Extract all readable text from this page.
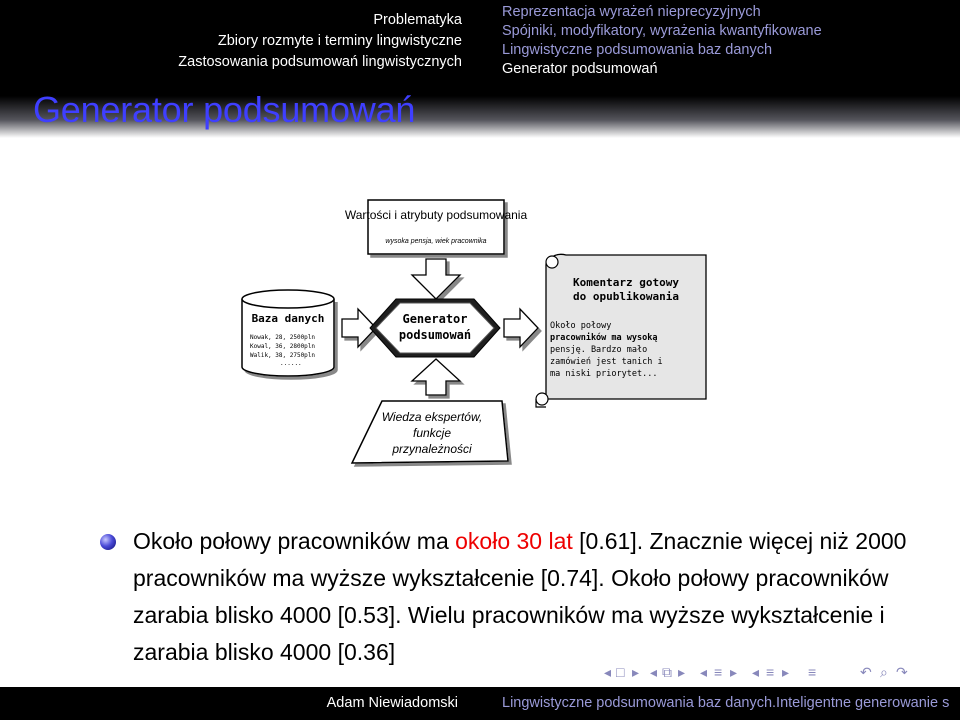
Problematyka
Zbiory rozmyte i terminy lingwistyczne
Zastosowania podsumowań lingwistycznych
Reprezentacja wyrażeń nieprecyzyjnych
Spójniki, modyfikatory, wyrażenia kwantyfikowane
Lingwistyczne podsumowania baz danych
Generator podsumowań
Generator podsumowań
Wartości i atrybuty podsumowania
wysoka pensja, wiek pracownika
Baza danych
Nowak, 28, 2500pln
Kowal, 36, 2800pln
Walik, 38, 2750pln
......
Generator
podsumowań
Wiedza ekspertów,
funkcje
przynależności
Komentarz gotowy
do opublikowania
Około połowy
pracowników ma wysoką
pensję. Bardzo mało
zamówień jest tanich i
ma niski priorytet...
Około połowy pracowników ma około 30 lat [0.61]. Znacznie więcej niż 2000 pracowników ma wyższe wykształcenie [0.74]. Około połowy pracowników zarabia blisko 4000 [0.53]. Wielu pracowników ma wyższe wykształcenie i zarabia blisko 4000 [0.36]
◂ □ ▸ ◂ ⧉ ▸ ◂ ≡ ▸ ◂ ≡ ▸ ≡	↶ ⌕ ↷
Adam Niewiadomski	Lingwistyczne podsumowania baz danych.Inteligentne generowanie s
